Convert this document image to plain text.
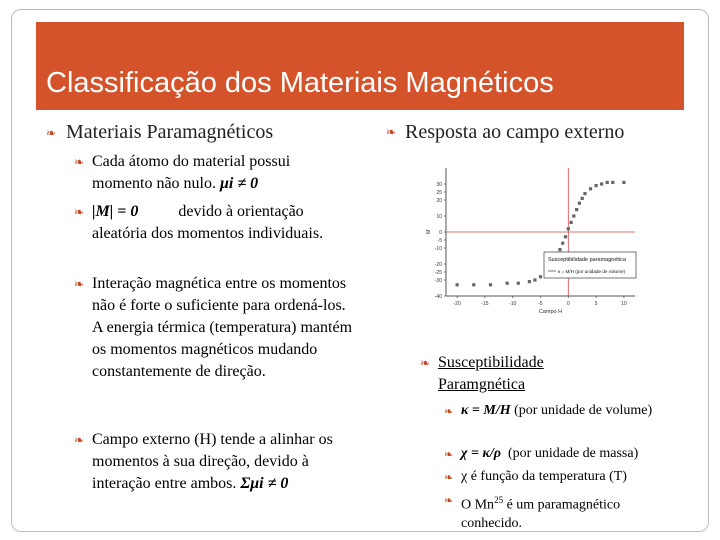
Classificação dos Materiais Magnéticos
❧ Materiais Paramagnéticos
❧ Cada átomo do material possui momento não nulo. μi ≠ 0
❧ |M| = 0	devido à orientação aleatória dos momentos individuais.
❧ Interação magnética entre os momentos não é forte o suficiente para ordená-los. A energia térmica (temperatura) mantém os momentos magnéticos mudando constantemente de direção.
❧ Campo externo (H) tende a alinhar os momentos à sua direção, devido à interação entre ambos. Σμi ≠ 0
❧ Resposta ao campo externo
-40
-30
-25
-20
-10
-5
0
10
20
25
30
-20	-15	-10	-5	0	5	10
Campo H
M
Susceptibilidade paramagnética
κ = M/H (por unidade de volume)
❧ Susceptibilidade Paramgnética
❧ κ = M/H (por unidade de volume)
❧ χ = κ/ρ (por unidade de massa)
❧ χ é função da temperatura (T)
❧ O Mn$^{25}$ é um paramagnético conhecido.
